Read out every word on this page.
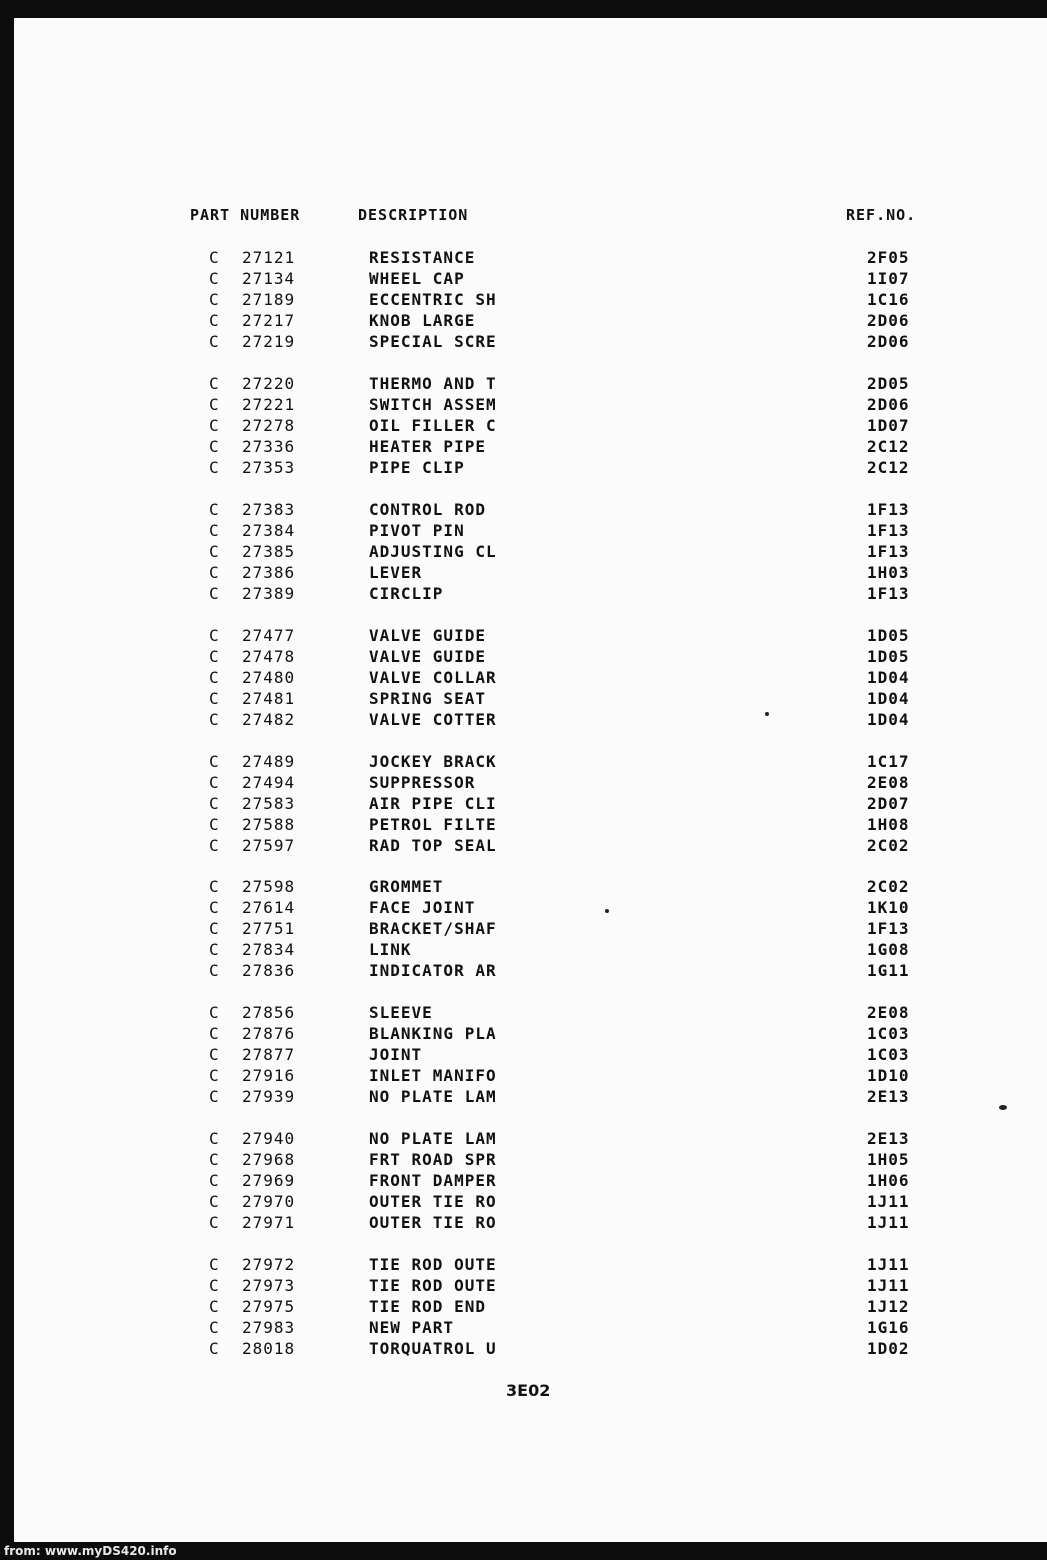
PART NUMBER	DESCRIPTION	REF.NO.
C 27121	RESISTANCE	2F05
C 27134	WHEEL CAP	1I07
C 27189	ECCENTRIC SH	1C16
C 27217	KNOB LARGE	2D06
C 27219	SPECIAL SCRE	2D06
C 27220	THERMO AND T	2D05
C 27221	SWITCH ASSEM	2D06
C 27278	OIL FILLER C	1D07
C 27336	HEATER PIPE	2C12
C 27353	PIPE CLIP	2C12
C 27383	CONTROL ROD	1F13
C 27384	PIVOT PIN	1F13
C 27385	ADJUSTING CL	1F13
C 27386	LEVER	1H03
C 27389	CIRCLIP	1F13
C 27477	VALVE GUIDE	1D05
C 27478	VALVE GUIDE	1D05
C 27480	VALVE COLLAR	1D04
C 27481	SPRING SEAT	1D04
C 27482	VALVE COTTER	1D04
C 27489	JOCKEY BRACK	1C17
C 27494	SUPPRESSOR	2E08
C 27583	AIR PIPE CLI	2D07
C 27588	PETROL FILTE	1H08
C 27597	RAD TOP SEAL	2C02
C 27598	GROMMET	2C02
C 27614	FACE JOINT	1K10
C 27751	BRACKET/SHAF	1F13
C 27834	LINK	1G08
C 27836	INDICATOR AR	1G11
C 27856	SLEEVE	2E08
C 27876	BLANKING PLA	1C03
C 27877	JOINT	1C03
C 27916	INLET MANIFO	1D10
C 27939	NO PLATE LAM	2E13
C 27940	NO PLATE LAM	2E13
C 27968	FRT ROAD SPR	1H05
C 27969	FRONT DAMPER	1H06
C 27970	OUTER TIE RO	1J11
C 27971	OUTER TIE RO	1J11
C 27972	TIE ROD OUTE	1J11
C 27973	TIE ROD OUTE	1J11
C 27975	TIE ROD END	1J12
C 27983	NEW PART	1G16
C 28018	TORQUATROL U	1D02
3E02
from: www.myDS420.info
